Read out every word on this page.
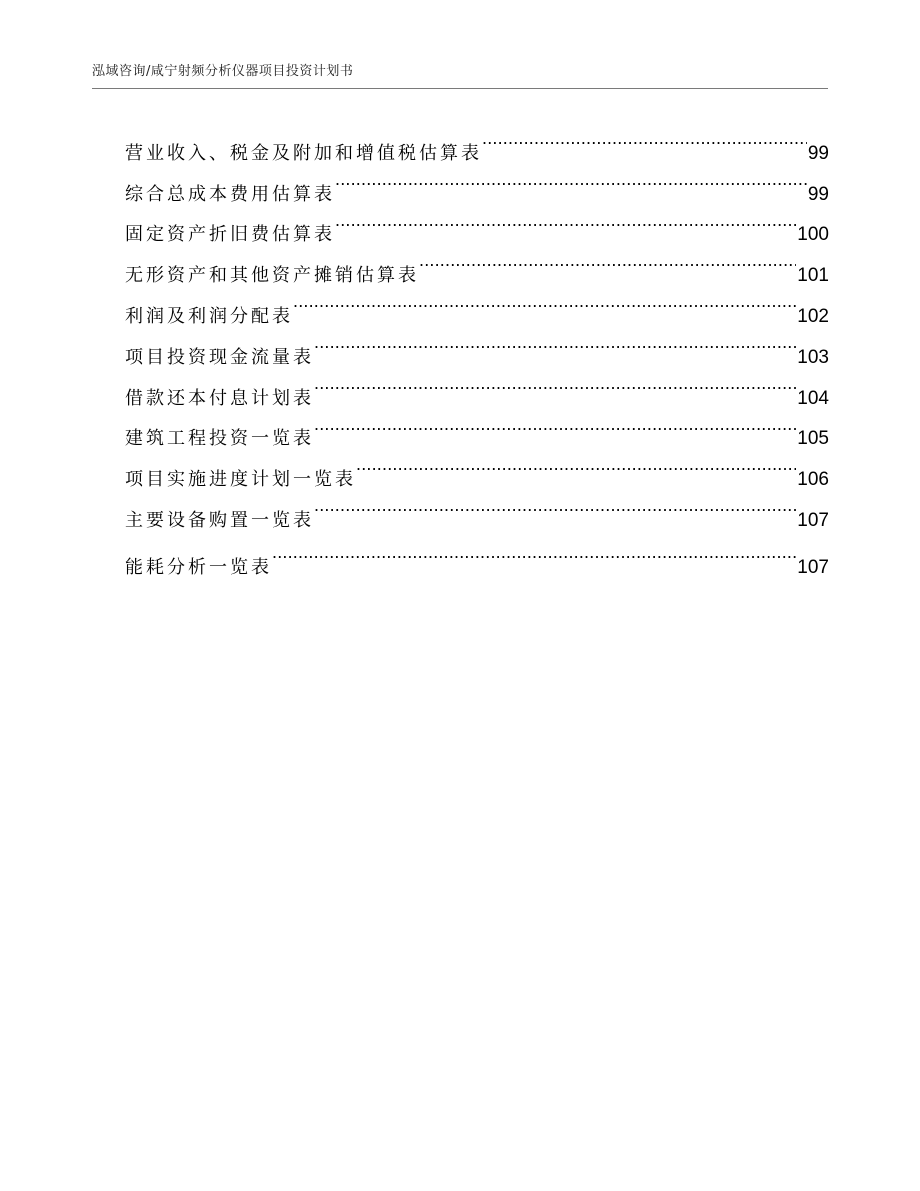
泓域咨询/咸宁射频分析仪器项目投资计划书
营业收入、税金及附加和增值税估算表 .....	99
综合总成本费用估算表 .....	99
固定资产折旧费估算表 .....	100
无形资产和其他资产摊销估算表 .....	101
利润及利润分配表 .....	102
项目投资现金流量表 .....	103
借款还本付息计划表 .....	104
建筑工程投资一览表 .....	105
项目实施进度计划一览表 .....	106
主要设备购置一览表 .....	107
能耗分析一览表 .....	107
